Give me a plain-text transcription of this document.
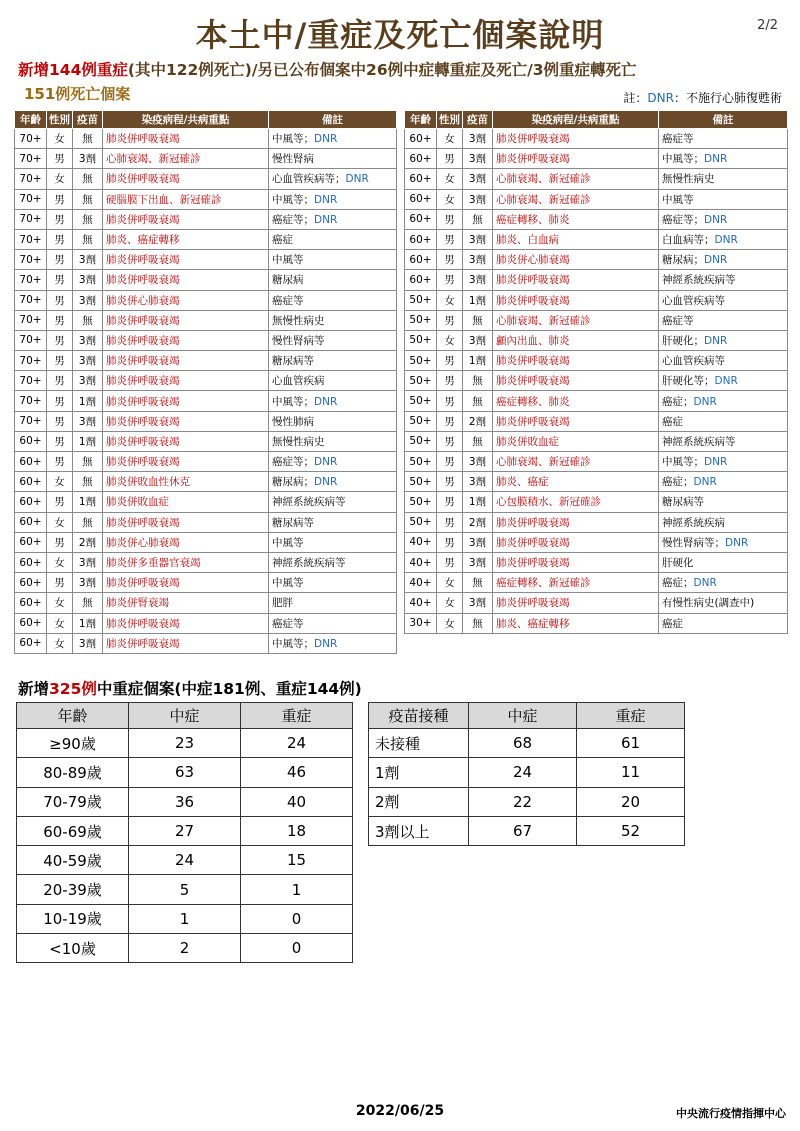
本土中/重症及死亡個案說明	2/2
新增144例重症(其中122例死亡)/另已公布個案中26例中症轉重症及死亡/3例重症轉死亡
151例死亡個案	註：DNR：不施行心肺復甦術
年齡	性別	疫苗	染疫病程/共病重點	備註
70+	女	無	肺炎併呼吸衰竭	中風等；DNR
70+	男	3劑	心肺衰竭、新冠確診	慢性腎病
70+	女	無	肺炎併呼吸衰竭	心血管疾病等；DNR
70+	男	無	硬腦膜下出血、新冠確診	中風等；DNR
70+	男	無	肺炎併呼吸衰竭	癌症等；DNR
70+	男	無	肺炎、癌症轉移	癌症
70+	男	3劑	肺炎併呼吸衰竭	中風等
70+	男	3劑	肺炎併呼吸衰竭	糖尿病
70+	男	3劑	肺炎併心肺衰竭	癌症等
70+	男	無	肺炎併呼吸衰竭	無慢性病史
70+	男	3劑	肺炎併呼吸衰竭	慢性腎病等
70+	男	3劑	肺炎併呼吸衰竭	糖尿病等
70+	男	3劑	肺炎併呼吸衰竭	心血管疾病
70+	男	1劑	肺炎併呼吸衰竭	中風等；DNR
70+	男	3劑	肺炎併呼吸衰竭	慢性肺病
60+	男	1劑	肺炎併呼吸衰竭	無慢性病史
60+	男	無	肺炎併呼吸衰竭	癌症等；DNR
60+	女	無	肺炎併敗血性休克	糖尿病；DNR
60+	男	1劑	肺炎併敗血症	神經系統疾病等
60+	女	無	肺炎併呼吸衰竭	糖尿病等
60+	男	2劑	肺炎併心肺衰竭	中風等
60+	女	3劑	肺炎併多重器官衰竭	神經系統疾病等
60+	男	3劑	肺炎併呼吸衰竭	中風等
60+	女	無	肺炎併腎衰竭	肥胖
60+	女	1劑	肺炎併呼吸衰竭	癌症等
60+	女	3劑	肺炎併呼吸衰竭	中風等；DNR
年齡	性別	疫苗	染疫病程/共病重點	備註
60+	女	3劑	肺炎併呼吸衰竭	癌症等
60+	男	3劑	肺炎併呼吸衰竭	中風等；DNR
60+	女	3劑	心肺衰竭、新冠確診	無慢性病史
60+	女	3劑	心肺衰竭、新冠確診	中風等
60+	男	無	癌症轉移、肺炎	癌症等；DNR
60+	男	3劑	肺炎、白血病	白血病等；DNR
60+	男	3劑	肺炎併心肺衰竭	糖尿病；DNR
60+	男	3劑	肺炎併呼吸衰竭	神經系統疾病等
50+	女	1劑	肺炎併呼吸衰竭	心血管疾病等
50+	男	無	心肺衰竭、新冠確診	癌症等
50+	女	3劑	顱內出血、肺炎	肝硬化；DNR
50+	男	1劑	肺炎併呼吸衰竭	心血管疾病等
50+	男	無	肺炎併呼吸衰竭	肝硬化等；DNR
50+	男	無	癌症轉移、肺炎	癌症；DNR
50+	男	2劑	肺炎併呼吸衰竭	癌症
50+	男	無	肺炎併敗血症	神經系統疾病等
50+	男	3劑	心肺衰竭、新冠確診	中風等；DNR
50+	男	3劑	肺炎、癌症	癌症；DNR
50+	男	1劑	心包膜積水、新冠確診	糖尿病等
50+	男	2劑	肺炎併呼吸衰竭	神經系統疾病
40+	男	3劑	肺炎併呼吸衰竭	慢性腎病等；DNR
40+	男	3劑	肺炎併呼吸衰竭	肝硬化
40+	女	無	癌症轉移、新冠確診	癌症；DNR
40+	女	3劑	肺炎併呼吸衰竭	有慢性病史(調查中)
30+	女	無	肺炎、癌症轉移	癌症
新增325例中重症個案(中症181例、重症144例)
年齡	中症	重症
≥90歲	23	24
80-89歲	63	46
70-79歲	36	40
60-69歲	27	18
40-59歲	24	15
20-39歲	5	1
10-19歲	1	0
<10歲	2	0
疫苗接種	中症	重症
未接種	68	61
1劑	24	11
2劑	22	20
3劑以上	67	52
2022/06/25	中央流行疫情指揮中心
